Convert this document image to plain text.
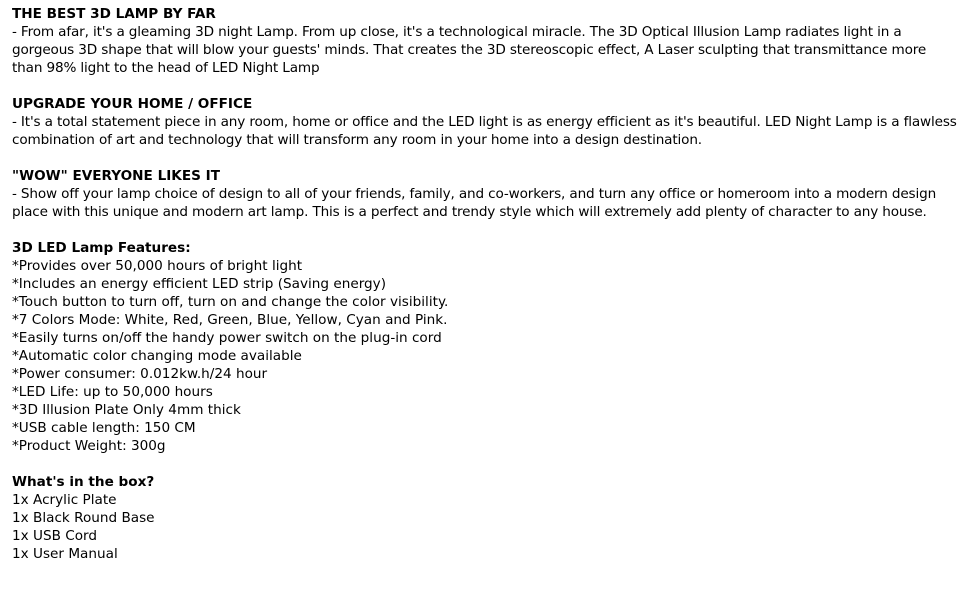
THE BEST 3D LAMP BY FAR
- From afar, it's a gleaming 3D night Lamp. From up close, it's a technological miracle. The 3D Optical Illusion Lamp radiates light in a gorgeous 3D shape that will blow your guests' minds. That creates the 3D stereoscopic effect, A Laser sculpting that transmittance more than 98% light to the head of LED Night Lamp
UPGRADE YOUR HOME / OFFICE
- It's a total statement piece in any room, home or office and the LED light is as energy efficient as it's beautiful. LED Night Lamp is a flawless combination of art and technology that will transform any room in your home into a design destination.
"WOW" EVERYONE LIKES IT
- Show off your lamp choice of design to all of your friends, family, and co-workers, and turn any office or homeroom into a modern design place with this unique and modern art lamp. This is a perfect and trendy style which will extremely add plenty of character to any house.
3D LED Lamp Features:
*Provides over 50,000 hours of bright light
*Includes an energy efficient LED strip (Saving energy)
*Touch button to turn off, turn on and change the color visibility.
*7 Colors Mode: White, Red, Green, Blue, Yellow, Cyan and Pink.
*Easily turns on/off the handy power switch on the plug-in cord
*Automatic color changing mode available
*Power consumer: 0.012kw.h/24 hour
*LED Life: up to 50,000 hours
*3D Illusion Plate Only 4mm thick
*USB cable length: 150 CM
*Product Weight: 300g
What's in the box?
1x Acrylic Plate
1x Black Round Base
1x USB Cord
1x User Manual
